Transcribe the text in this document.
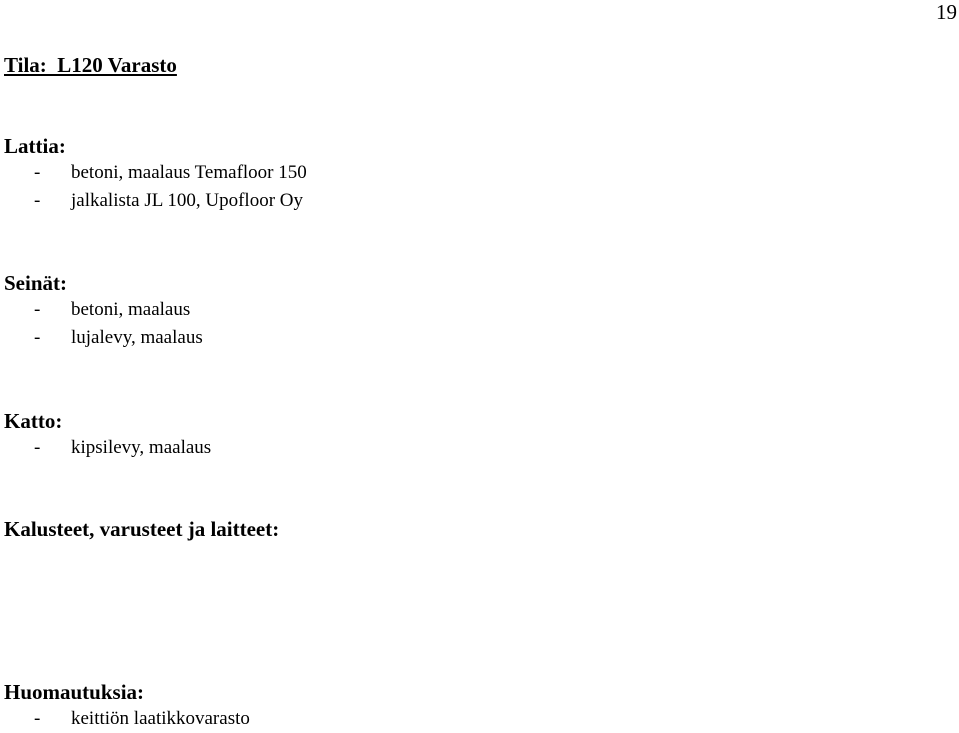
19
Tila:  L120 Varasto
Lattia:
- betoni, maalaus Temafloor 150
- jalkalista JL 100, Upofloor Oy
Seinät:
- betoni, maalaus
- lujalevy, maalaus
Katto:
- kipsilevy, maalaus
Kalusteet, varusteet ja laitteet:
Huomautuksia:
- keittiön laatikkovarasto
